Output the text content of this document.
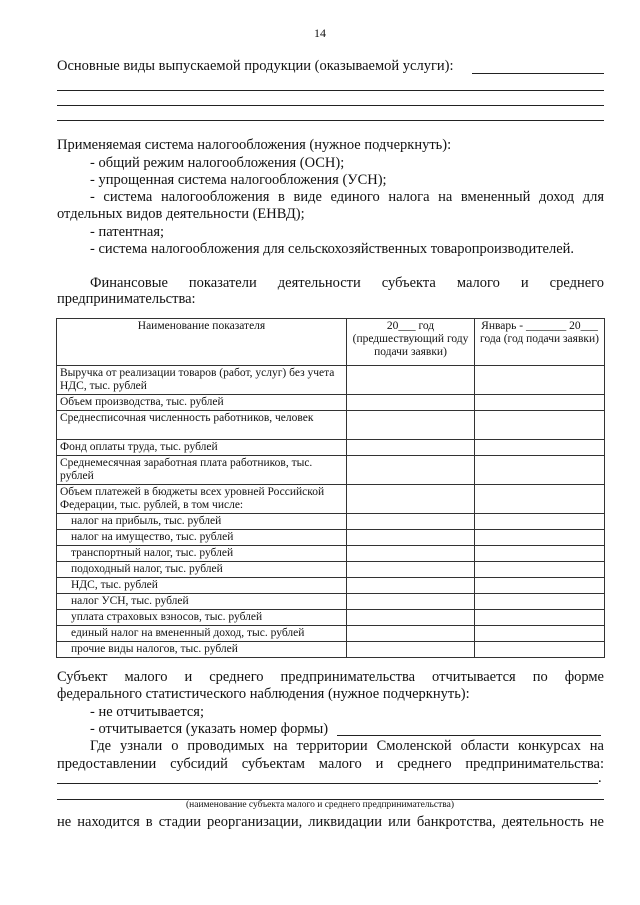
14
Основные виды выпускаемой продукции (оказываемой услуги):
Применяемая система налогообложения (нужное подчеркнуть):
- общий режим налогообложения (ОСН);
- упрощенная система налогообложения (УСН);
- система налогообложения в виде единого налога на вмененный доход для
отдельных видов деятельности (ЕНВД);
- патентная;
- система налогообложения для сельскохозяйственных товаропроизводителей.
Финансовые показатели деятельности субъекта малого и среднего
предпринимательства:
Наименование показателя	20___ год (предшествующий году подачи заявки)	Январь - _______ 20___ года (год подачи заявки)
Выручка от реализации товаров (работ, услуг) без учета НДС, тыс. рублей		
Объем производства, тыс. рублей		
Среднесписочная численность работников, человек		
Фонд оплаты труда, тыс. рублей		
Среднемесячная заработная плата работников, тыс. рублей		
Объем платежей в бюджеты всех уровней Российской Федерации, тыс. рублей, в том числе:		
налог на прибыль, тыс. рублей		
налог на имущество, тыс. рублей		
транспортный налог, тыс. рублей		
подоходный налог, тыс. рублей		
НДС, тыс. рублей		
налог УСН, тыс. рублей		
уплата страховых взносов, тыс. рублей		
единый налог на вмененный доход, тыс. рублей		
прочие виды налогов, тыс. рублей		
Субъект малого и среднего предпринимательства отчитывается по форме
федерального статистического наблюдения (нужное подчеркнуть):
- не отчитывается;
- отчитывается (указать номер формы)
Где узнали о проводимых на территории Смоленской области конкурсах на
предоставлении субсидий субъектам малого и среднего предпринимательства:
.
(наименование субъекта малого и среднего предпринимательства)
не находится в стадии реорганизации, ликвидации или банкротства, деятельность не
